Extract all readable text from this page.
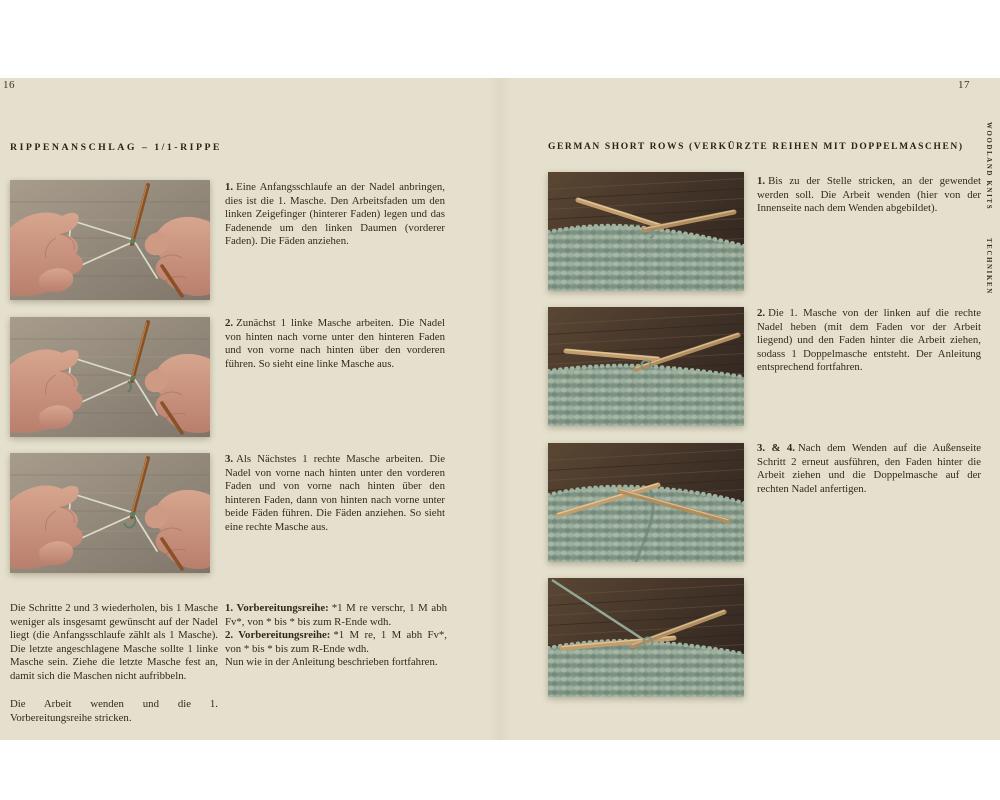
16	17
RIPPENANSCHLAG – 1/1-RIPPE

1. Eine Anfangsschlaufe an der Nadel anbringen, dies ist die 1. Masche. Den Arbeitsfaden um den linken Zeigefinger (hinterer Faden) legen und das Fadenende um den linken Daumen (vorderer Faden). Die Fäden anziehen.

2. Zunächst 1 linke Masche arbeiten. Die Nadel von hinten nach vorne unter den hinteren Faden und von vorne nach hinten über den vorderen führen. So sieht eine linke Masche aus.

3. Als Nächstes 1 rechte Masche arbeiten. Die Nadel von vorne nach hinten unter den vorderen Faden und von vorne nach hinten über den hinteren Faden, dann von hinten nach vorne unter beide Fäden führen. Die Fäden anziehen. So sieht eine rechte Masche aus.

Die Schritte 2 und 3 wiederholen, bis 1 Masche weniger als insgesamt gewünscht auf der Nadel liegt (die Anfangsschlaufe zählt als 1 Masche). Die letzte angeschlagene Masche sollte 1 linke Masche sein. Ziehe die letzte Masche fest an, damit sich die Maschen nicht aufribbeln.

Die Arbeit wenden und die 1. Vorbereitungsreihe stricken.

1. Vorbereitungsreihe: *1 M re verschr, 1 M abh Fv*, von * bis * bis zum R-Ende wdh.

2. Vorbereitungsreihe: *1 M re, 1 M abh Fv*, von * bis * bis zum R-Ende wdh.

Nun wie in der Anleitung beschrieben fortfahren.

GERMAN SHORT ROWS (VERKÜRZTE REIHEN MIT DOPPELMASCHEN)

1. Bis zu der Stelle stricken, an der gewendet werden soll. Die Arbeit wenden (hier von der Innenseite nach dem Wenden abgebildet).

2. Die 1. Masche von der linken auf die rechte Nadel heben (mit dem Faden vor der Arbeit liegend) und den Faden hinter die Arbeit ziehen, sodass 1 Doppelmasche entsteht. Der Anleitung entsprechend fortfahren.

3. & 4. Nach dem Wenden auf die Außenseite Schritt 2 erneut ausführen, den Faden hinter die Arbeit ziehen und die Doppelmasche auf der rechten Nadel anfertigen.

WOODLAND KNITS
TECHNIKEN
